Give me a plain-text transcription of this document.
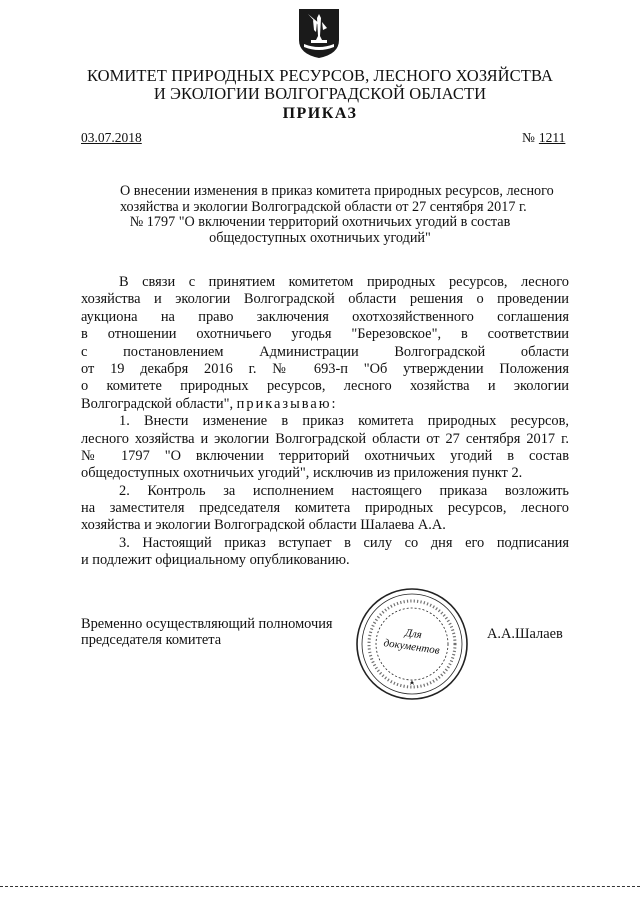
КОМИТЕТ ПРИРОДНЫХ РЕСУРСОВ, ЛЕСНОГО ХОЗЯЙСТВА
И ЭКОЛОГИИ ВОЛГОГРАДСКОЙ ОБЛАСТИ
ПРИКАЗ
03.07.2018	№ 1211
О внесении изменения в приказ комитета природных ресурсов, лесного
хозяйства и экологии Волгоградской области от 27 сентября 2017 г.
№ 1797 "О включении территорий охотничьих угодий в состав
общедоступных охотничьих угодий"
В связи с принятием комитетом природных ресурсов, лесного
хозяйства и экологии Волгоградской области решения о проведении
аукциона на право заключения охотхозяйственного соглашения
в отношении охотничьего угодья "Березовское", в соответствии
с постановлением Администрации Волгоградской области
от 19 декабря 2016 г. № 693-п "Об утверждении Положения
о комитете природных ресурсов, лесного хозяйства и экологии
Волгоградской области", приказываю:
1. Внести изменение в приказ комитета природных ресурсов,
лесного хозяйства и экологии Волгоградской области от 27 сентября 2017 г.
№ 1797 "О включении территорий охотничьих угодий в состав
общедоступных охотничьих угодий", исключив из приложения пункт 2.
2. Контроль за исполнением настоящего приказа возложить
на заместителя председателя комитета природных ресурсов, лесного
хозяйства и экологии Волгоградской области Шалаева А.А.
3. Настоящий приказ вступает в силу со дня его подписания
и подлежит официальному опубликованию.
Временно осуществляющий полномочия
председателя комитета	Для
документов
А.А.Шалаев
